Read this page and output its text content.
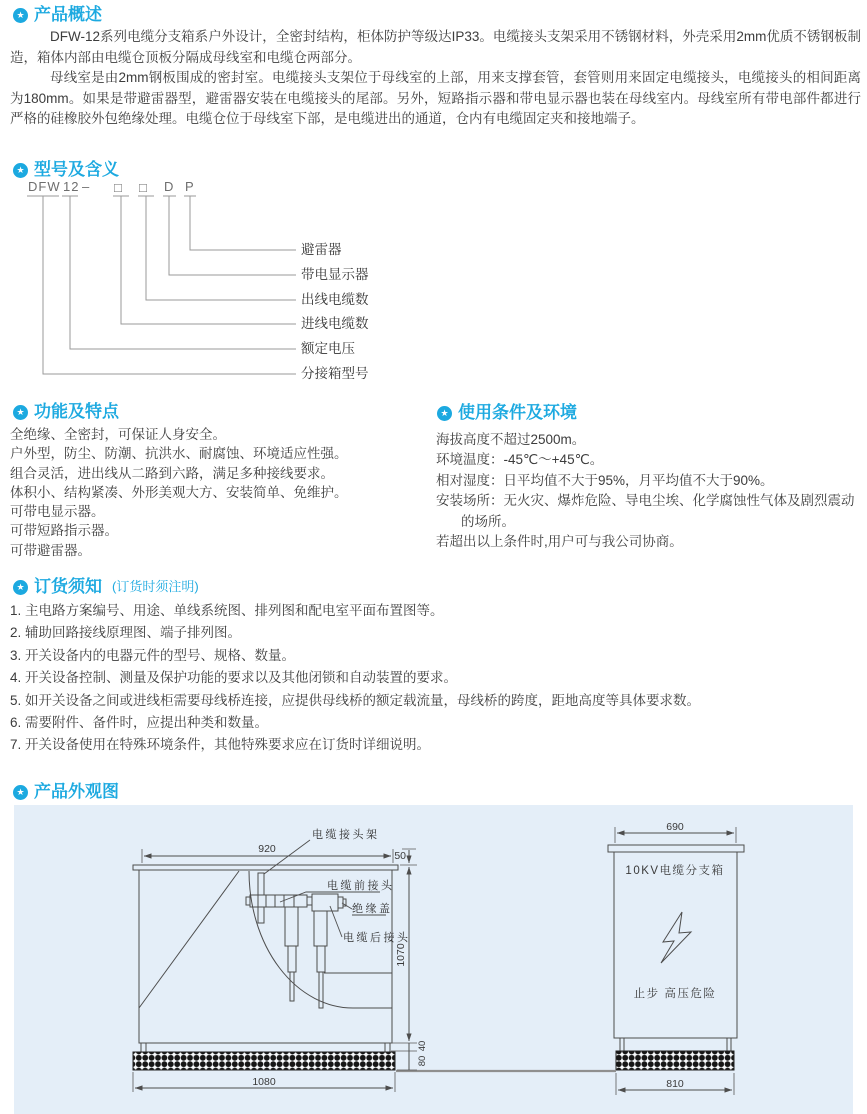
★
产品概述

DFW-12系列电缆分支箱系户外设计，全密封结构，柜体防护等级达IP33。电缆接头支架采用不锈钢材料，外壳采用2mm优质不锈钢板制造，箱体内部由电缆仓顶板分隔成母线室和电缆仓两部分。

母线室是由2mm钢板围成的密封室。电缆接头支架位于母线室的上部，用来支撑套管，套管则用来固定电缆接头，电缆接头的相间距离为180mm。如果是带避雷器型，避雷器安装在电缆接头的尾部。另外，短路指示器和带电显示器也装在母线室内。母线室所有带电部件都进行严格的硅橡胶外包绝缘处理。电缆仓位于母线室下部，是电缆进出的通道，仓内有电缆固定夹和接地端子。

★
型号及含义
DFW 12 – □ □ D P
避雷器
带电显示器
出线电缆数
进线电缆数
额定电压
分接箱型号
★
功能及特点
全绝缘、全密封，可保证人身安全。
户外型，防尘、防潮、抗洪水、耐腐蚀、环境适应性强。
组合灵活，进出线从二路到六路，满足多种接线要求。
体积小、结构紧凑、外形美观大方、安装简单、免维护。
可带电显示器。
可带短路指示器。
可带避雷器。
★
使用条件及环境
海拔高度不超过2500m。
环境温度：-45℃～+45℃。
相对湿度：日平均值不大于95%，月平均值不大于90%。
安装场所：无火灾、爆炸危险、导电尘埃、化学腐蚀性气体及剧烈震动的场所。
若超出以上条件时,用户可与我公司协商。
★
订货须知 (订货时须注明)
1. 主电路方案编号、用途、单线系统图、排列图和配电室平面布置图等。
2. 辅助回路接线原理图、端子排列图。
3. 开关设备内的电器元件的型号、规格、数量。
4. 开关设备控制、测量及保护功能的要求以及其他闭锁和自动装置的要求。
5. 如开关设备之间或进线柜需要母线桥连接，应提供母线桥的额定载流量，母线桥的跨度，距地高度等具体要求数。
6. 需要附件、备件时，应提出种类和数量。
7. 开关设备使用在特殊环境条件，其他特殊要求应在订货时详细说明。
★
产品外观图
920
50
1070
40
80
1080
690
810
电缆接头架
电缆前接头
绝缘盖
电缆后接头
10KV电缆分支箱
止步 高压危险
